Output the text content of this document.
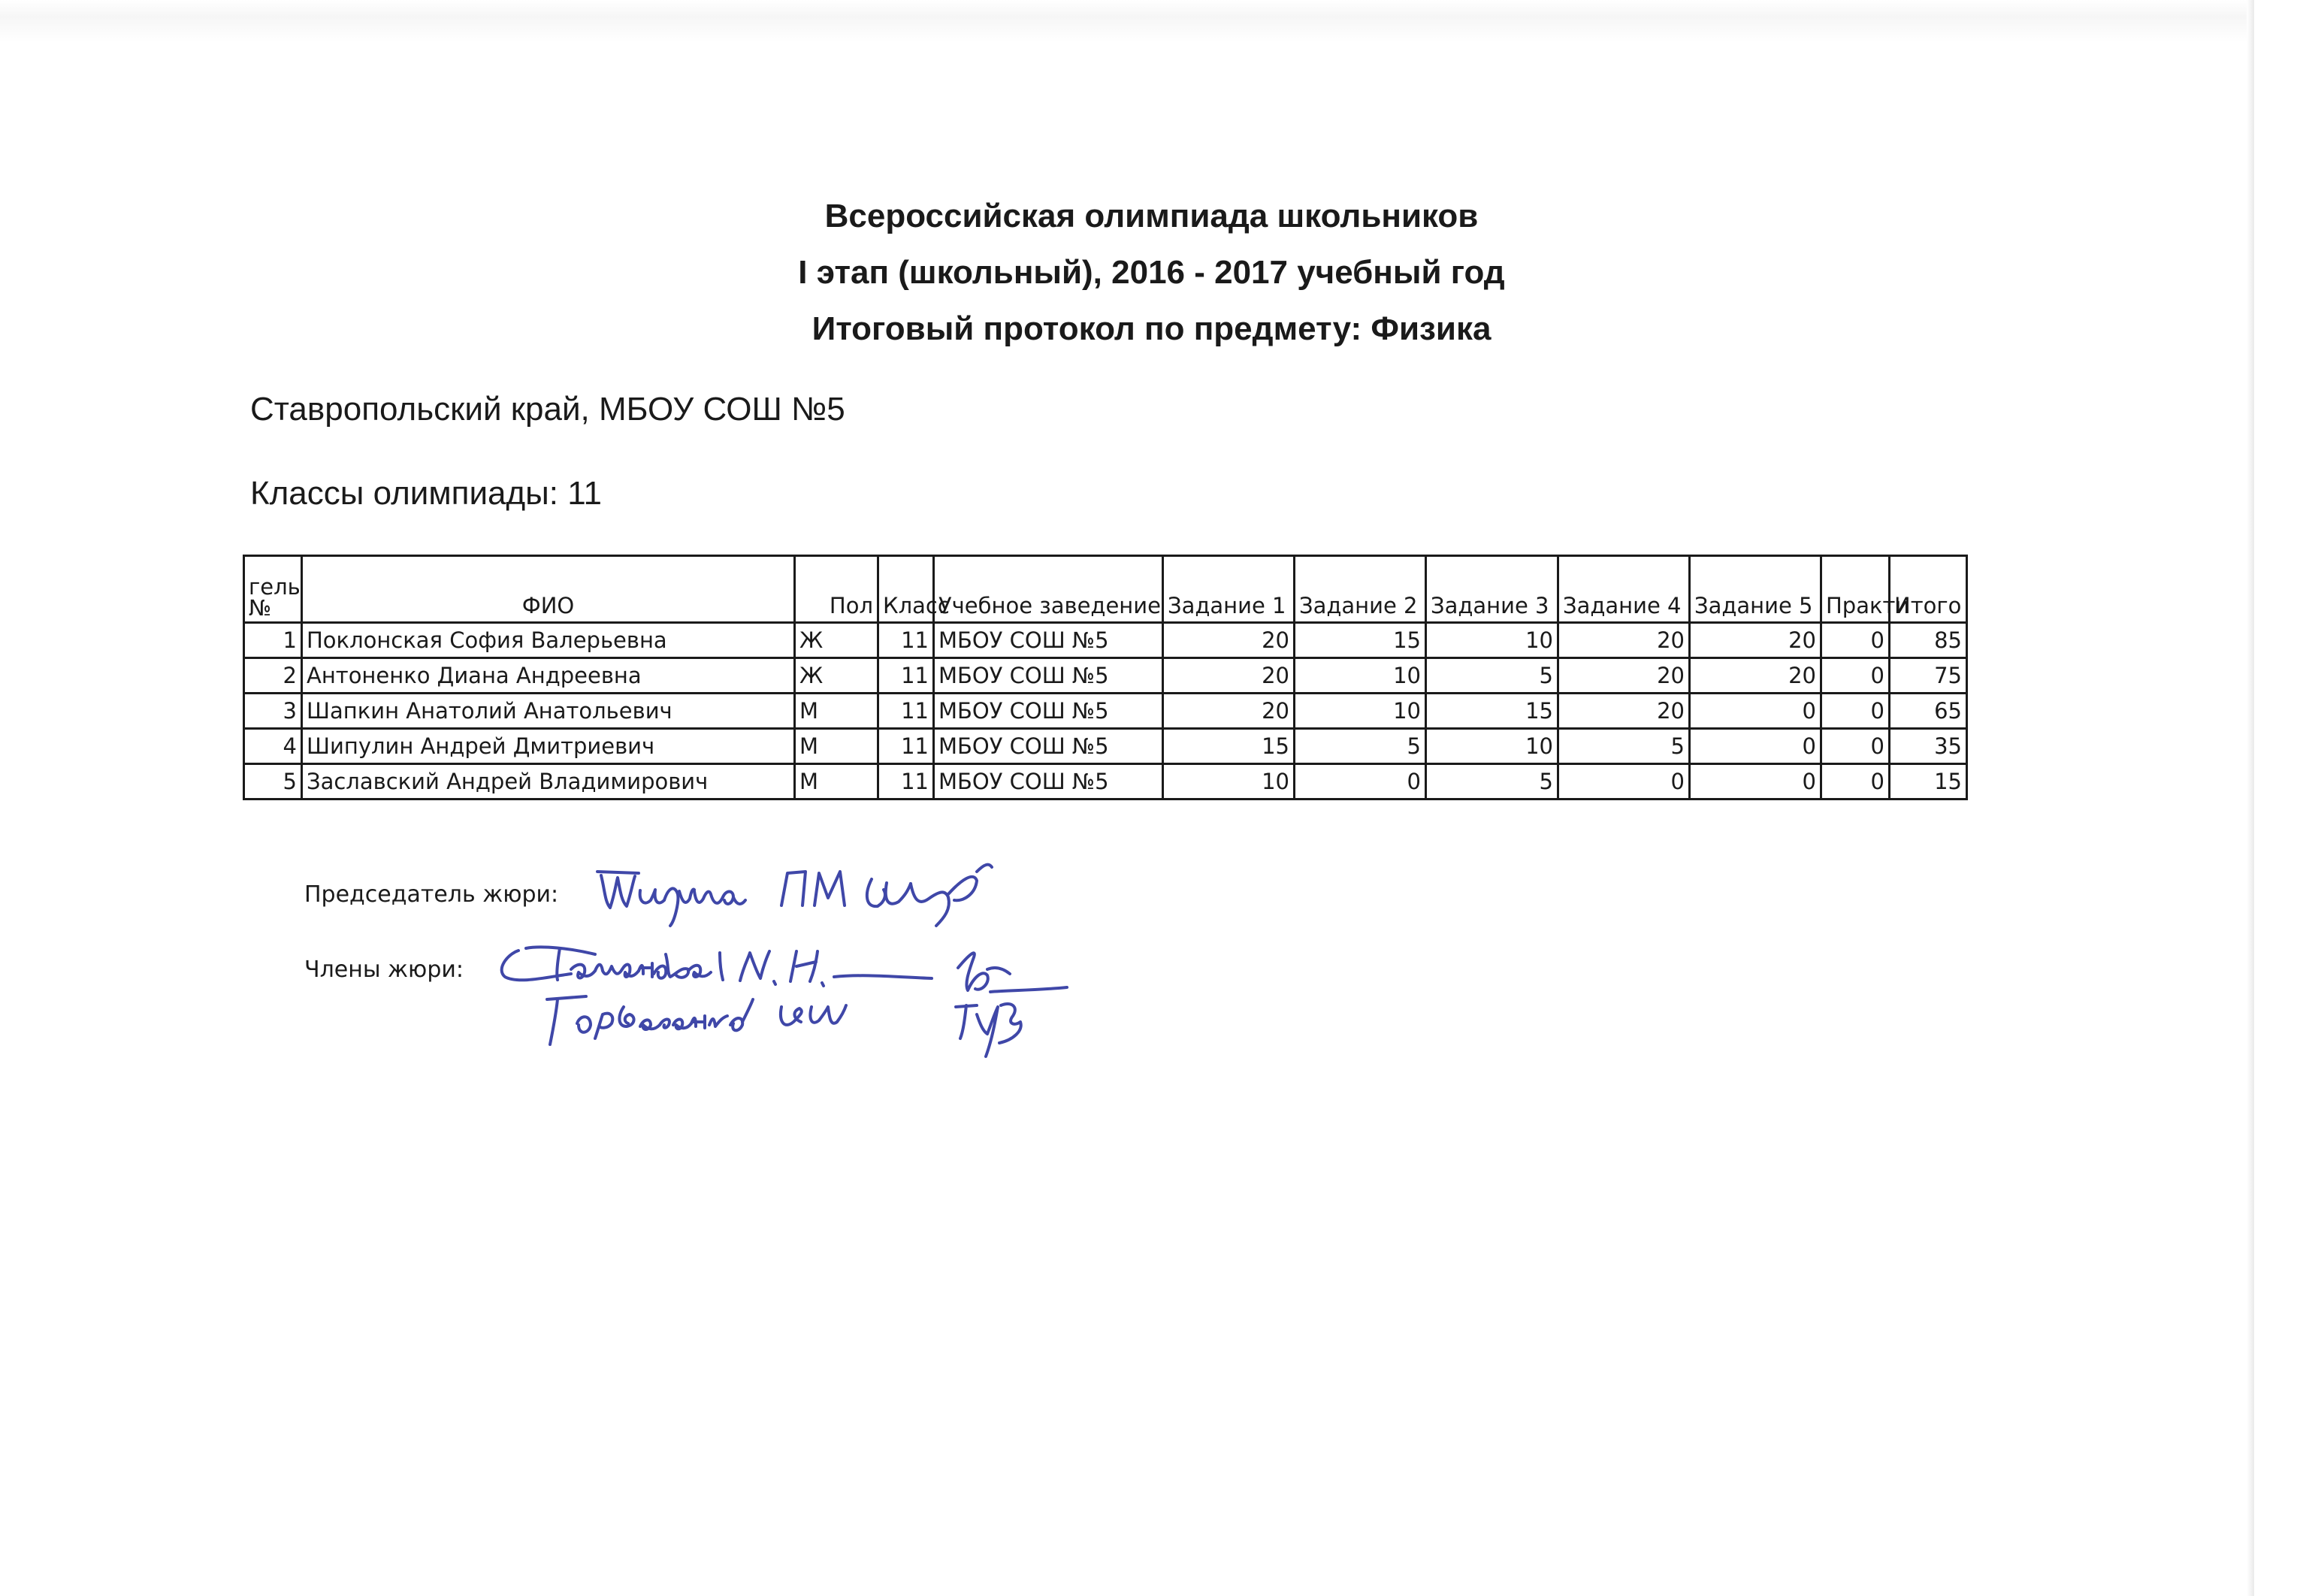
Всероссийская олимпиада школьников
I этап (школьный), 2016 - 2017 учебный год
Итоговый протокол по предмету: Физика
Ставропольский край, МБОУ СОШ №5
Классы олимпиады: 11
гель
№	ФИО	Пол	Класс	Учебное заведение	Задание 1	Задание 2	Задание 3	Задание 4	Задание 5	Практи	Итого
1	Поклонская София Валерьевна	Ж	11	МБОУ СОШ №5	20	15	10	20	20	0	85
2	Антоненко Диана Андреевна	Ж	11	МБОУ СОШ №5	20	10	5	20	20	0	75
3	Шапкин Анатолий Анатольевич	М	11	МБОУ СОШ №5	20	10	15	20	0	0	65
4	Шипулин Андрей Дмитриевич	М	11	МБОУ СОШ №5	15	5	10	5	0	0	35
5	Заславский Андрей Владимирович	М	11	МБОУ СОШ №5	10	0	5	0	0	0	15
Председатель жюри:
Члены жюри:
